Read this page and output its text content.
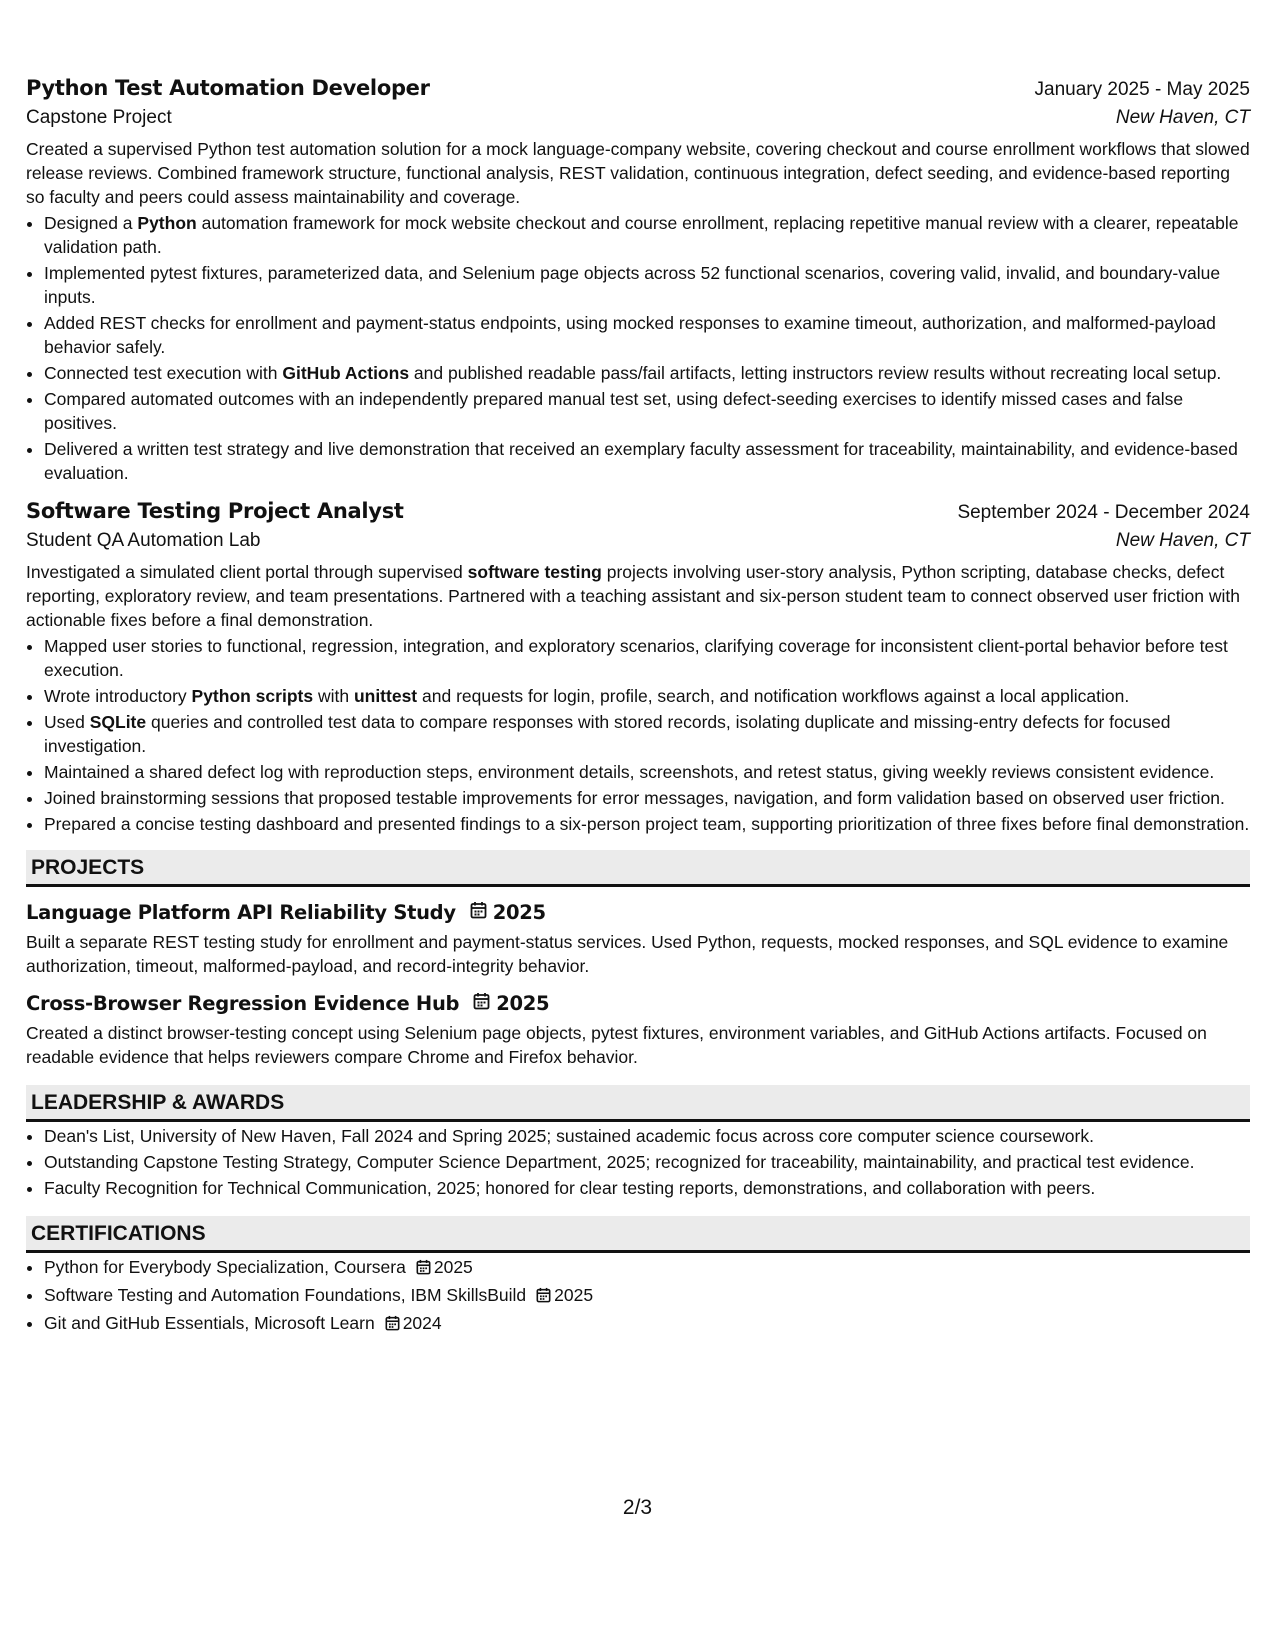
Python Test Automation Developer	January 2025 - May 2025
Capstone Project	New Haven, CT
Created a supervised Python test automation solution for a mock language-company website, covering checkout and course enrollment workflows that slowed release reviews. Combined framework structure, functional analysis, REST validation, continuous integration, defect seeding, and evidence-based reporting so faculty and peers could assess maintainability and coverage.
• Designed a Python automation framework for mock website checkout and course enrollment, replacing repetitive manual review with a clearer, repeatable validation path.
• Implemented pytest fixtures, parameterized data, and Selenium page objects across 52 functional scenarios, covering valid, invalid, and boundary-value inputs.
• Added REST checks for enrollment and payment-status endpoints, using mocked responses to examine timeout, authorization, and malformed-payload behavior safely.
• Connected test execution with GitHub Actions and published readable pass/fail artifacts, letting instructors review results without recreating local setup.
• Compared automated outcomes with an independently prepared manual test set, using defect-seeding exercises to identify missed cases and false positives.
• Delivered a written test strategy and live demonstration that received an exemplary faculty assessment for traceability, maintainability, and evidence-based evaluation.
Software Testing Project Analyst	September 2024 - December 2024
Student QA Automation Lab	New Haven, CT
Investigated a simulated client portal through supervised software testing projects involving user-story analysis, Python scripting, database checks, defect reporting, exploratory review, and team presentations. Partnered with a teaching assistant and six-person student team to connect observed user friction with actionable fixes before a final demonstration.
• Mapped user stories to functional, regression, integration, and exploratory scenarios, clarifying coverage for inconsistent client-portal behavior before test execution.
• Wrote introductory Python scripts with unittest and requests for login, profile, search, and notification workflows against a local application.
• Used SQLite queries and controlled test data to compare responses with stored records, isolating duplicate and missing-entry defects for focused investigation.
• Maintained a shared defect log with reproduction steps, environment details, screenshots, and retest status, giving weekly reviews consistent evidence.
• Joined brainstorming sessions that proposed testable improvements for error messages, navigation, and form validation based on observed user friction.
• Prepared a concise testing dashboard and presented findings to a six-person project team, supporting prioritization of three fixes before final demonstration.
PROJECTS
Language Platform API Reliability Study 2025
Built a separate REST testing study for enrollment and payment-status services. Used Python, requests, mocked responses, and SQL evidence to examine authorization, timeout, malformed-payload, and record-integrity behavior.
Cross-Browser Regression Evidence Hub 2025
Created a distinct browser-testing concept using Selenium page objects, pytest fixtures, environment variables, and GitHub Actions artifacts. Focused on readable evidence that helps reviewers compare Chrome and Firefox behavior.
LEADERSHIP & AWARDS
• Dean's List, University of New Haven, Fall 2024 and Spring 2025; sustained academic focus across core computer science coursework.
• Outstanding Capstone Testing Strategy, Computer Science Department, 2025; recognized for traceability, maintainability, and practical test evidence.
• Faculty Recognition for Technical Communication, 2025; honored for clear testing reports, demonstrations, and collaboration with peers.
CERTIFICATIONS
• Python for Everybody Specialization, Coursera 2025
• Software Testing and Automation Foundations, IBM SkillsBuild 2025
• Git and GitHub Essentials, Microsoft Learn 2024
2/3
